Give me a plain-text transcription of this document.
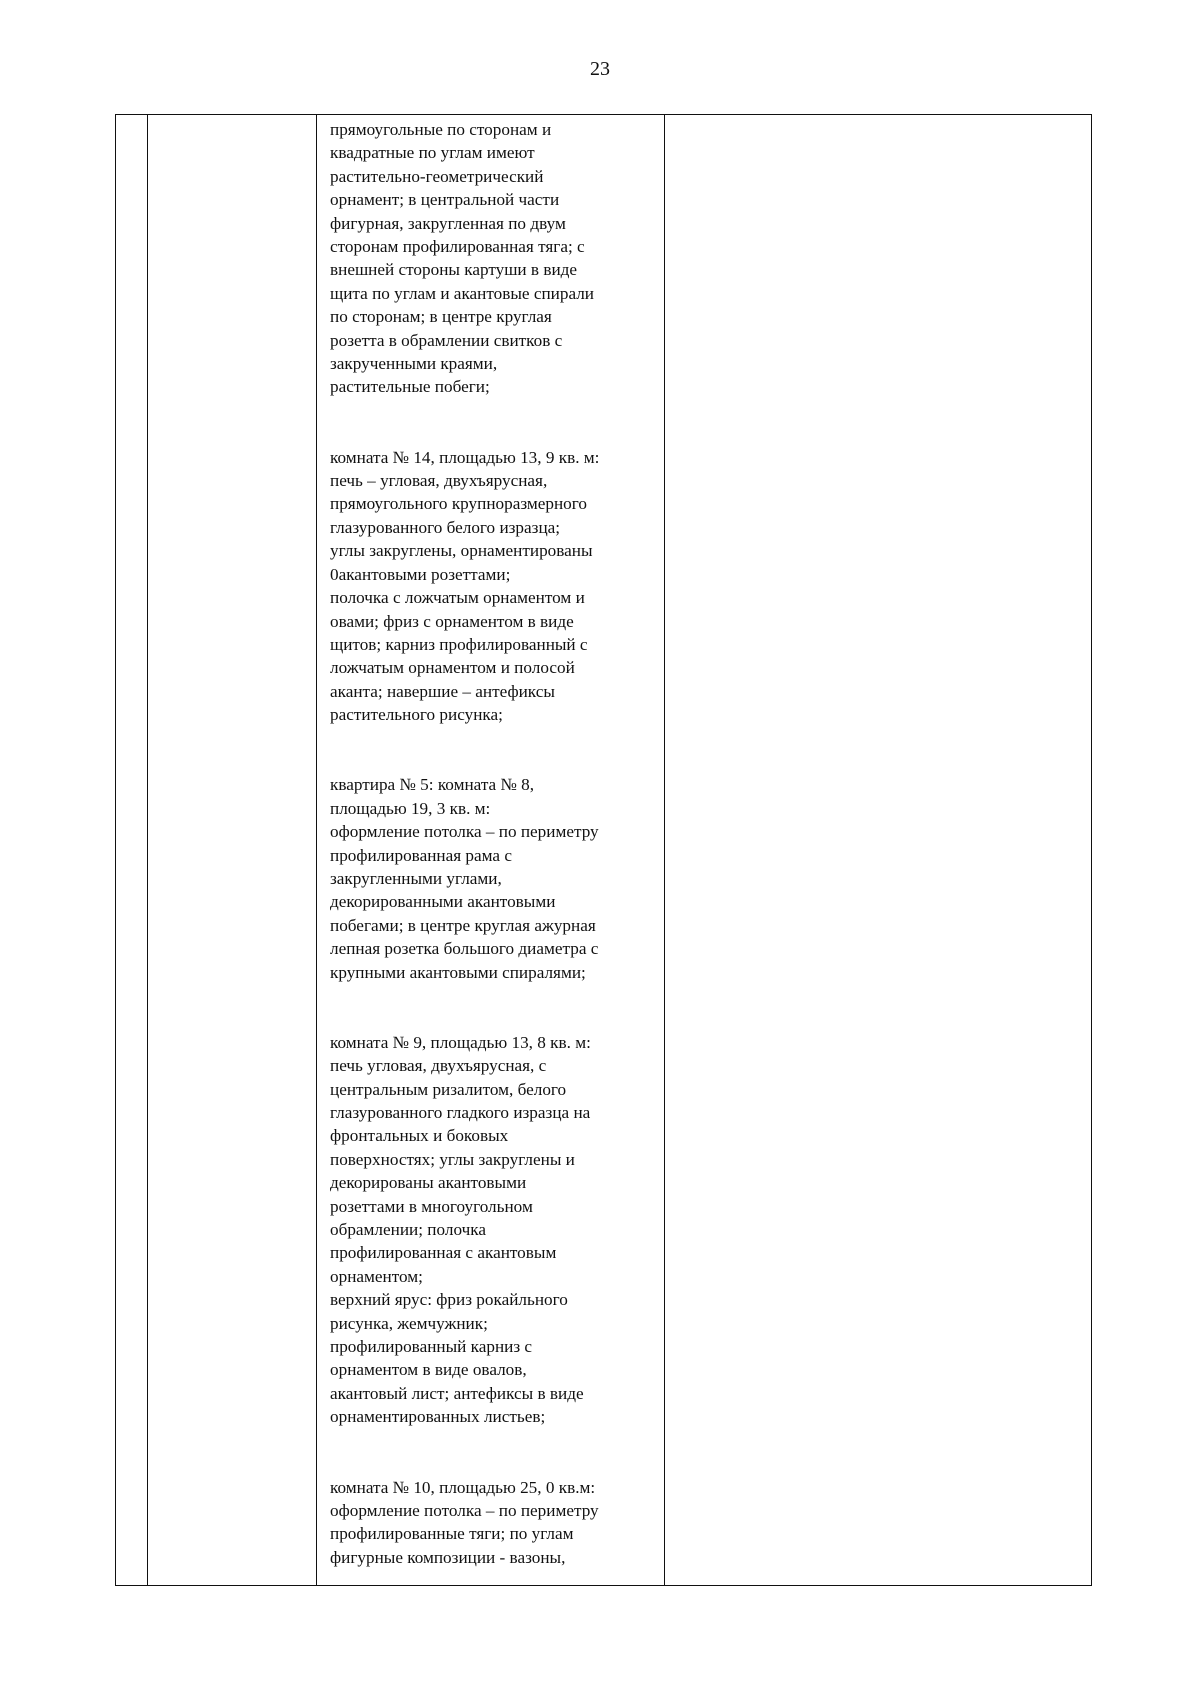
23
прямоугольные по сторонам и
квадратные по углам имеют
растительно-геометрический
орнамент; в центральной части
фигурная, закругленная по двум
сторонам профилированная тяга; с
внешней стороны картуши в виде
щита по углам и акантовые спирали
по сторонам; в центре круглая
розетта в обрамлении свитков с
закрученными краями,
растительные побеги;
комната № 14, площадью 13, 9 кв. м:
печь – угловая, двухъярусная,
прямоугольного крупноразмерного
глазурованного белого изразца;
углы закруглены, орнаментированы
0акантовыми розеттами;
полочка с ложчатым орнаментом и
овами; фриз с орнаментом в виде
щитов; карниз профилированный с
ложчатым орнаментом и полосой
аканта; навершие – антефиксы
растительного рисунка;
квартира № 5: комната № 8,
площадью 19, 3 кв. м:
оформление потолка – по периметру
профилированная рама с
закругленными углами,
декорированными акантовыми
побегами; в центре круглая ажурная
лепная розетка большого диаметра с
крупными акантовыми спиралями;
комната № 9, площадью 13, 8 кв. м:
печь угловая, двухъярусная, с
центральным ризалитом, белого
глазурованного гладкого изразца на
фронтальных и боковых
поверхностях; углы закруглены и
декорированы акантовыми
розеттами в многоугольном
обрамлении; полочка
профилированная с акантовым
орнаментом;
верхний ярус: фриз рокайльного
рисунка, жемчужник;
профилированный карниз с
орнаментом в виде овалов,
акантовый лист; антефиксы в виде
орнаментированных листьев;
комната № 10, площадью 25, 0 кв.м:
оформление потолка – по периметру
профилированные тяги; по углам
фигурные композиции - вазоны,
